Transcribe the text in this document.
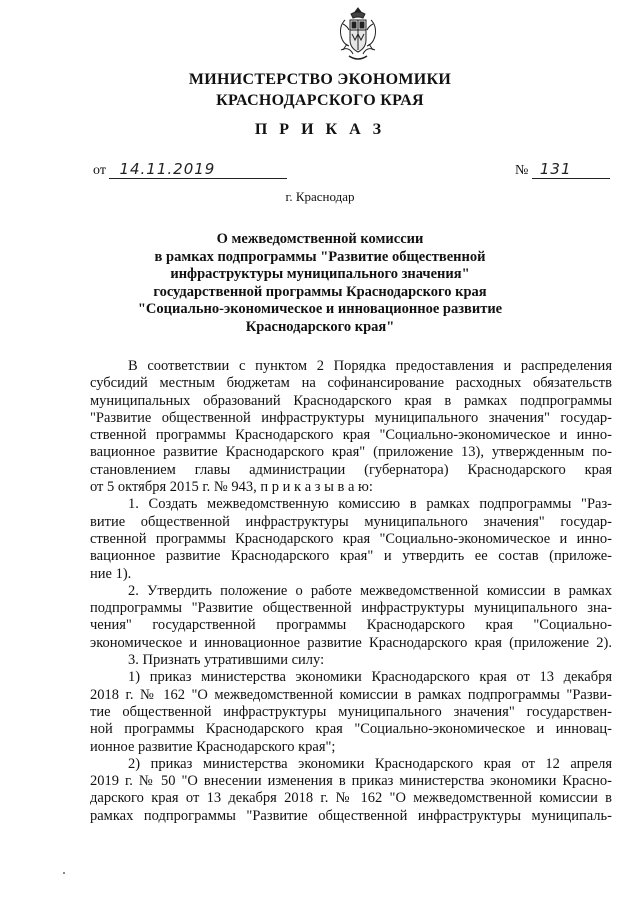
МИНИСТЕРСТВО ЭКОНОМИКИ
КРАСНОДАРСКОГО КРАЯ
П Р И К А З
от 14.11.2019	№ 131
г. Краснодар
О межведомственной комиссии
в рамках подпрограммы "Развитие общественной
инфраструктуры муниципального значения"
государственной программы Краснодарского края
"Социально-экономическое и инновационное развитие
Краснодарского края"
В соответствии с пунктом 2 Порядка предоставления и распределения
субсидий местным бюджетам на софинансирование расходных обязательств
муниципальных образований Краснодарского края в рамках подпрограммы
"Развитие общественной инфраструктуры муниципального значения" государ-
ственной программы Краснодарского края "Социально-экономическое и инно-
вационное развитие Краснодарского края" (приложение 13), утвержденным по-
становлением главы администрации (губернатора) Краснодарского края
от 5 октября 2015 г. № 943, п р и к а з ы в а ю:
1. Создать межведомственную комиссию в рамках подпрограммы "Раз-
витие общественной инфраструктуры муниципального значения" государ-
ственной программы Краснодарского края "Социально-экономическое и инно-
вационное развитие Краснодарского края" и утвердить ее состав (приложе-
ние 1).
2. Утвердить положение о работе межведомственной комиссии в рамках
подпрограммы "Развитие общественной инфраструктуры муниципального зна-
чения" государственной программы Краснодарского края "Социально-
экономическое и инновационное развитие Краснодарского края (приложение 2).
3. Признать утратившими силу:
1) приказ министерства экономики Краснодарского края от 13 декабря
2018 г. № 162 "О межведомственной комиссии в рамках подпрограммы "Разви-
тие общественной инфраструктуры муниципального значения" государствен-
ной программы Краснодарского края "Социально-экономическое и инновац-
ионное развитие Краснодарского края";
2) приказ министерства экономики Краснодарского края от 12 апреля
2019 г. № 50 "О внесении изменения в приказ министерства экономики Красно-
дарского края от 13 декабря 2018 г. № 162 "О межведомственной комиссии в
рамках подпрограммы "Развитие общественной инфраструктуры муниципаль-
